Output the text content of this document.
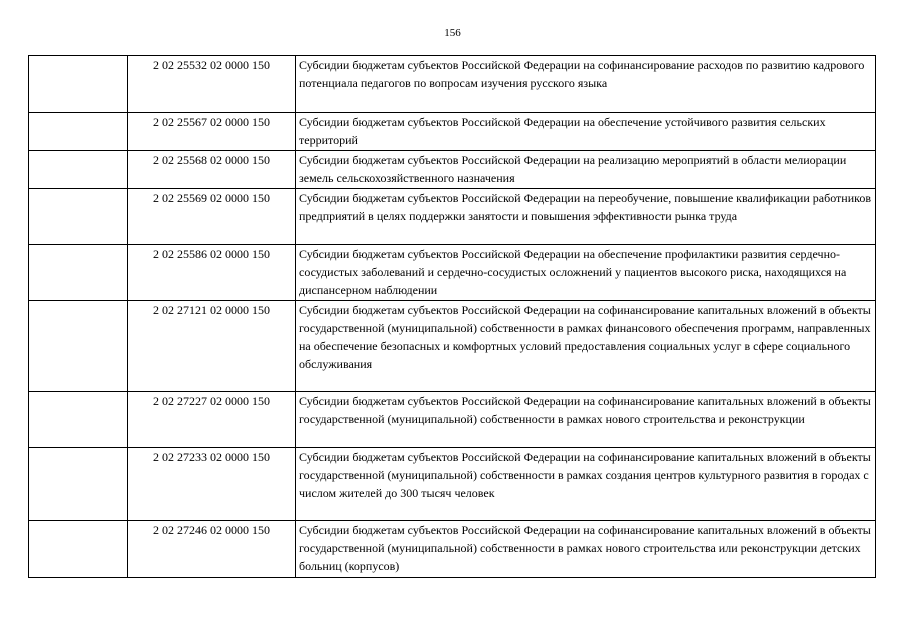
156
	2 02 25532 02 0000 150	Субсидии бюджетам субъектов Российской Федерации на софинансирование расходов по развитию кадрового потенциала педагогов по вопросам изучения русского языка
	2 02 25567 02 0000 150	Субсидии бюджетам субъектов Российской Федерации на обеспечение устойчивого развития сельских территорий
	2 02 25568 02 0000 150	Субсидии бюджетам субъектов Российской Федерации на реализацию мероприятий в области мелиорации земель сельскохозяйственного назначения
	2 02 25569 02 0000 150	Субсидии бюджетам субъектов Российской Федерации на переобучение, повышение квалификации работников предприятий в целях поддержки занятости и повышения эффективности рынка труда
	2 02 25586 02 0000 150	Субсидии бюджетам субъектов Российской Федерации на обеспечение профилактики развития сердечно-сосудистых заболеваний и сердечно-сосудистых осложнений у пациентов высокого риска, находящихся на диспансерном наблюдении
	2 02 27121 02 0000 150	Субсидии бюджетам субъектов Российской Федерации на софинансирование капитальных вложений в объекты государственной (муниципальной) собственности в рамках финансового обеспечения программ, направленных на обеспечение безопасных и комфортных условий предоставления социальных услуг в сфере социального обслуживания
	2 02 27227 02 0000 150	Субсидии бюджетам субъектов Российской Федерации на софинансирование капитальных вложений в объекты государственной (муниципальной) собственности в рамках нового строительства и реконструкции
	2 02 27233 02 0000 150	Субсидии бюджетам субъектов Российской Федерации на софинансирование капитальных вложений в объекты государственной (муниципальной) собственности в рамках создания центров культурного развития в городах с числом жителей до 300 тысяч человек
	2 02 27246 02 0000 150	Субсидии бюджетам субъектов Российской Федерации на софинансирование капитальных вложений в объекты государственной (муниципальной) собственности в рамках нового строительства или реконструкции детских больниц (корпусов)
